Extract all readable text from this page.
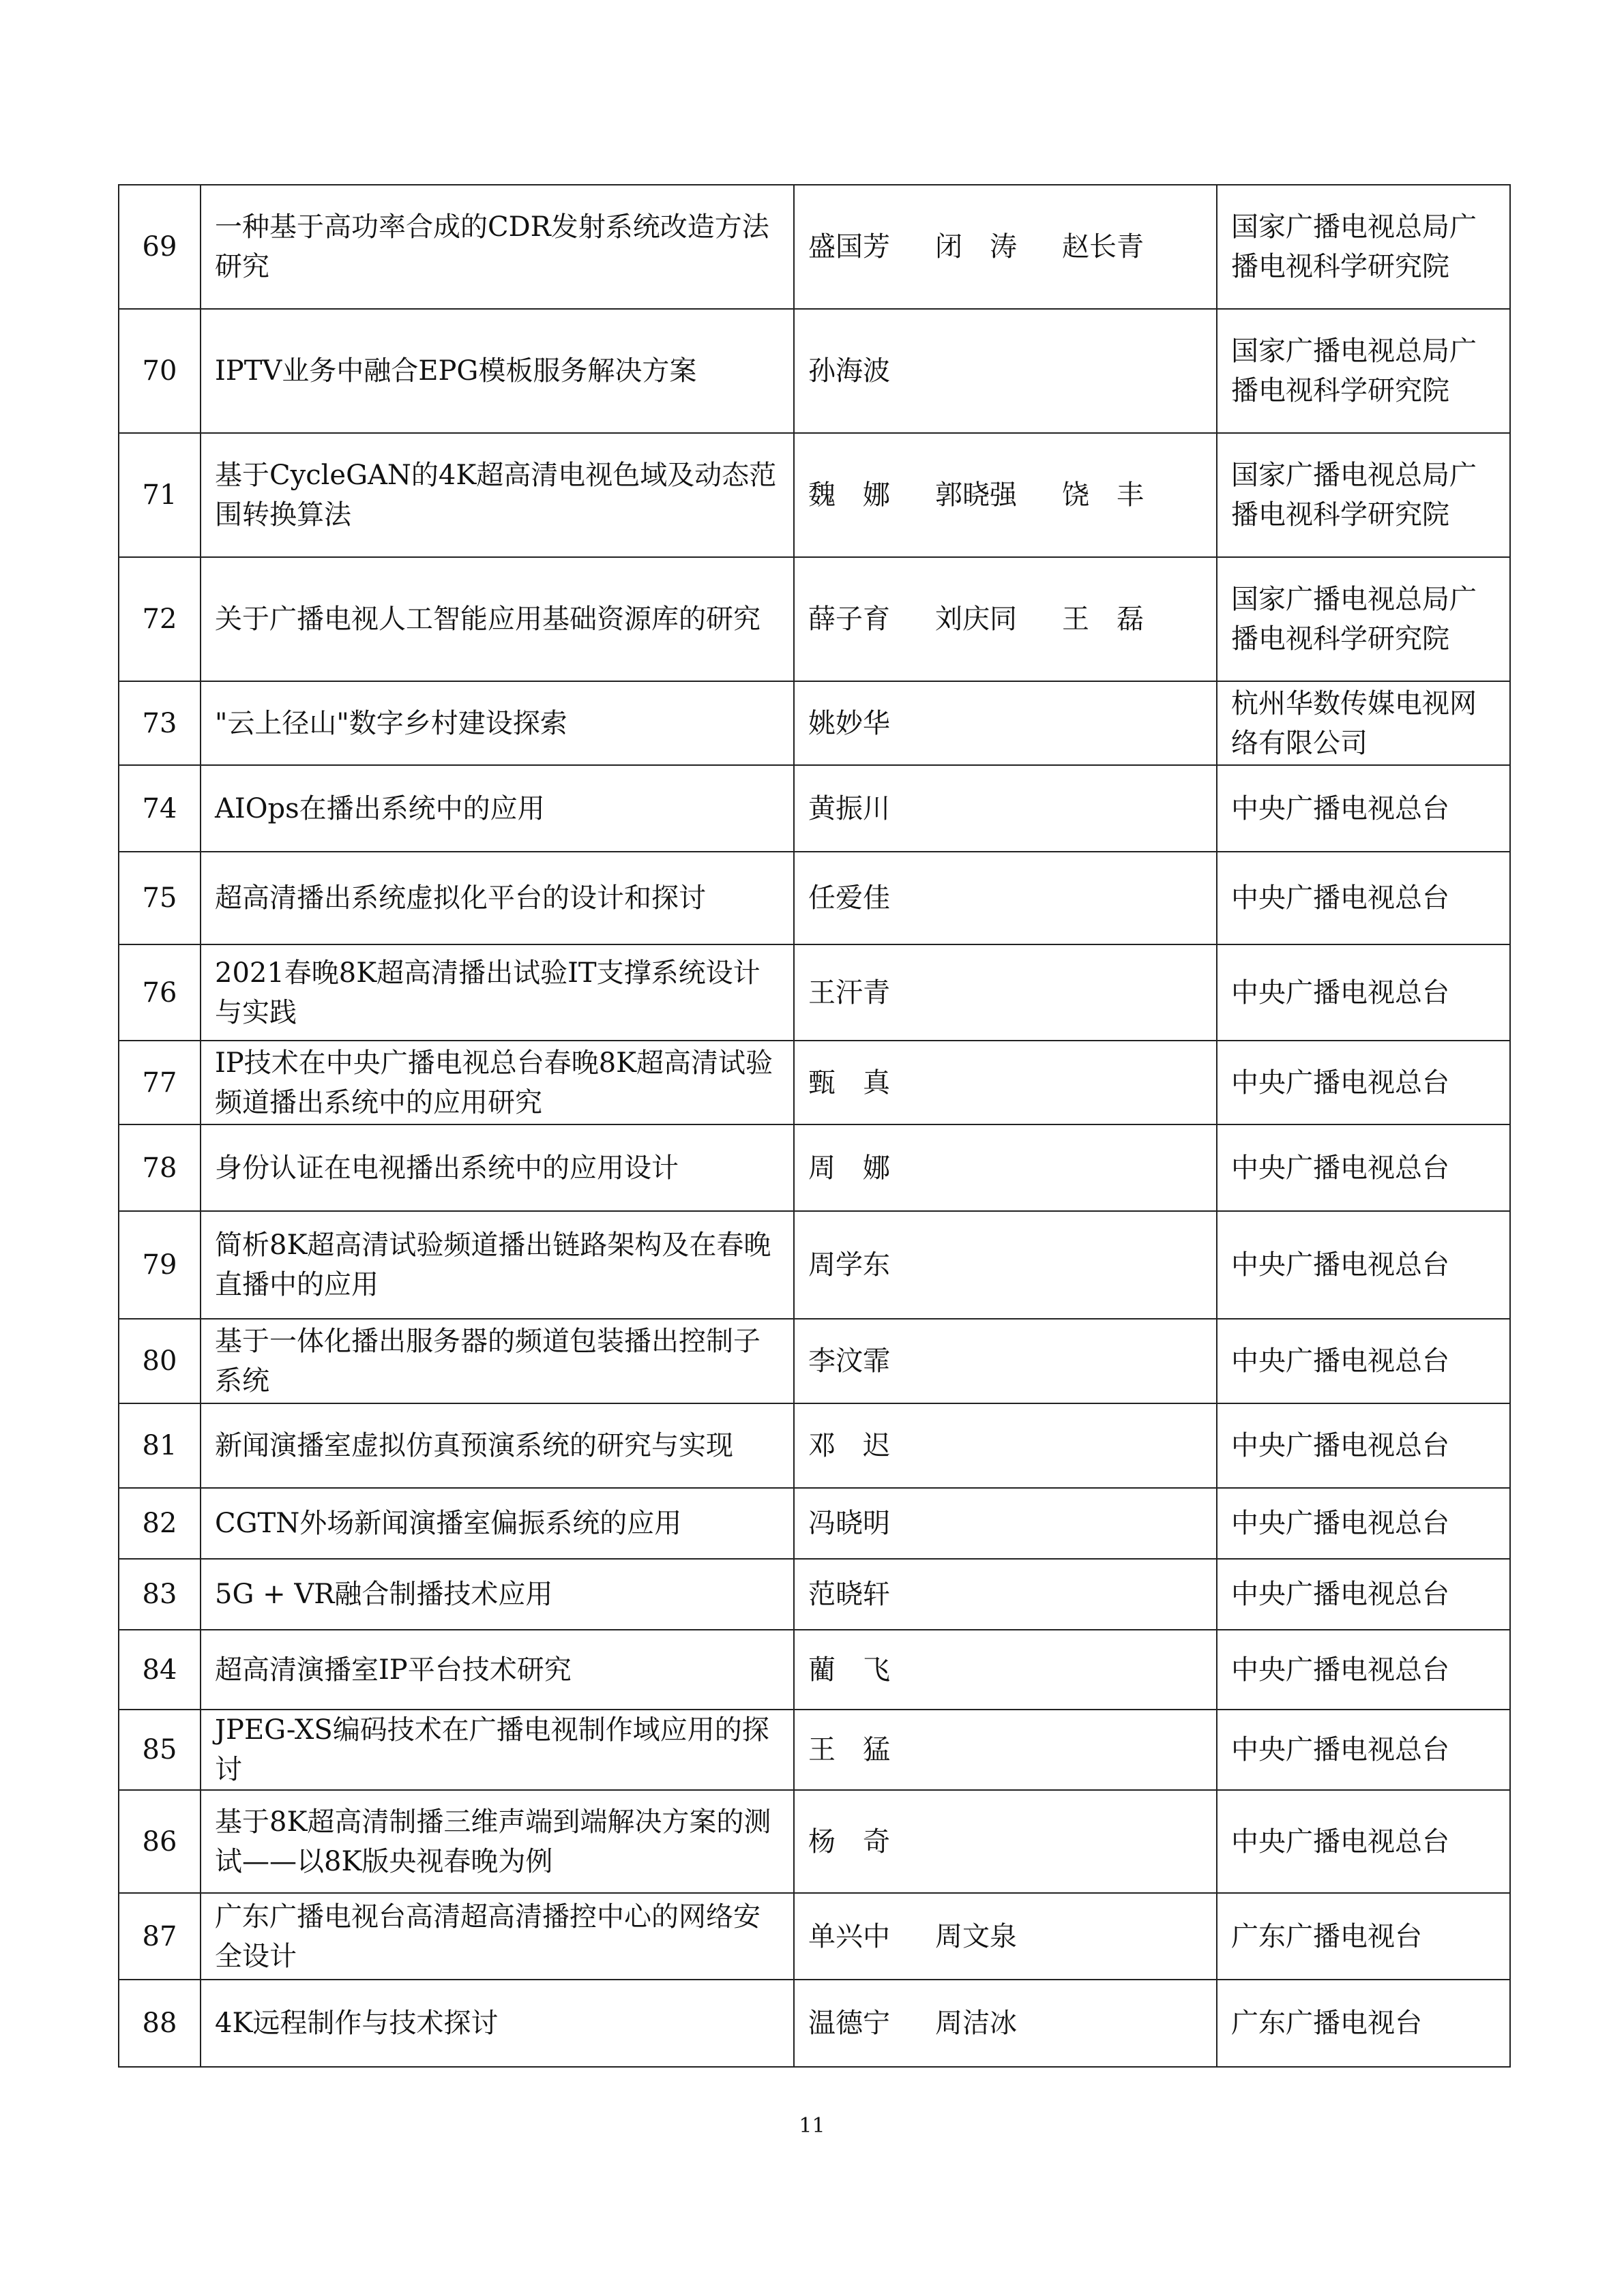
69	一种基于高功率合成的CDR发射系统改造方法研究	盛国芳 闭　涛 赵长青	国家广播电视总局广播电视科学研究院
70	IPTV业务中融合EPG模板服务解决方案	孙海波	国家广播电视总局广播电视科学研究院
71	基于CycleGAN的4K超高清电视色域及动态范围转换算法	魏　娜 郭晓强 饶　丰	国家广播电视总局广播电视科学研究院
72	关于广播电视人工智能应用基础资源库的研究	薛子育 刘庆同 王　磊	国家广播电视总局广播电视科学研究院
73	"云上径山"数字乡村建设探索	姚妙华	杭州华数传媒电视网络有限公司
74	AIOps在播出系统中的应用	黄振川	中央广播电视总台
75	超高清播出系统虚拟化平台的设计和探讨	任爱佳	中央广播电视总台
76	2021春晚8K超高清播出试验IT支撑系统设计与实践	王汗青	中央广播电视总台
77	IP技术在中央广播电视总台春晚8K超高清试验频道播出系统中的应用研究	甄　真	中央广播电视总台
78	身份认证在电视播出系统中的应用设计	周　娜	中央广播电视总台
79	简析8K超高清试验频道播出链路架构及在春晚直播中的应用	周学东	中央广播电视总台
80	基于一体化播出服务器的频道包装播出控制子系统	李汶霏	中央广播电视总台
81	新闻演播室虚拟仿真预演系统的研究与实现	邓　迟	中央广播电视总台
82	CGTN外场新闻演播室偏振系统的应用	冯晓明	中央广播电视总台
83	5G + VR融合制播技术应用	范晓轩	中央广播电视总台
84	超高清演播室IP平台技术研究	藺　飞	中央广播电视总台
85	JPEG-XS编码技术在广播电视制作域应用的探讨	王　猛	中央广播电视总台
86	基于8K超高清制播三维声端到端解决方案的测试——以8K版央视春晚为例	杨　奇	中央广播电视总台
87	广东广播电视台高清超高清播控中心的网络安全设计	单兴中 周文泉	广东广播电视台
88	4K远程制作与技术探讨	温德宁 周洁冰	广东广播电视台
11
